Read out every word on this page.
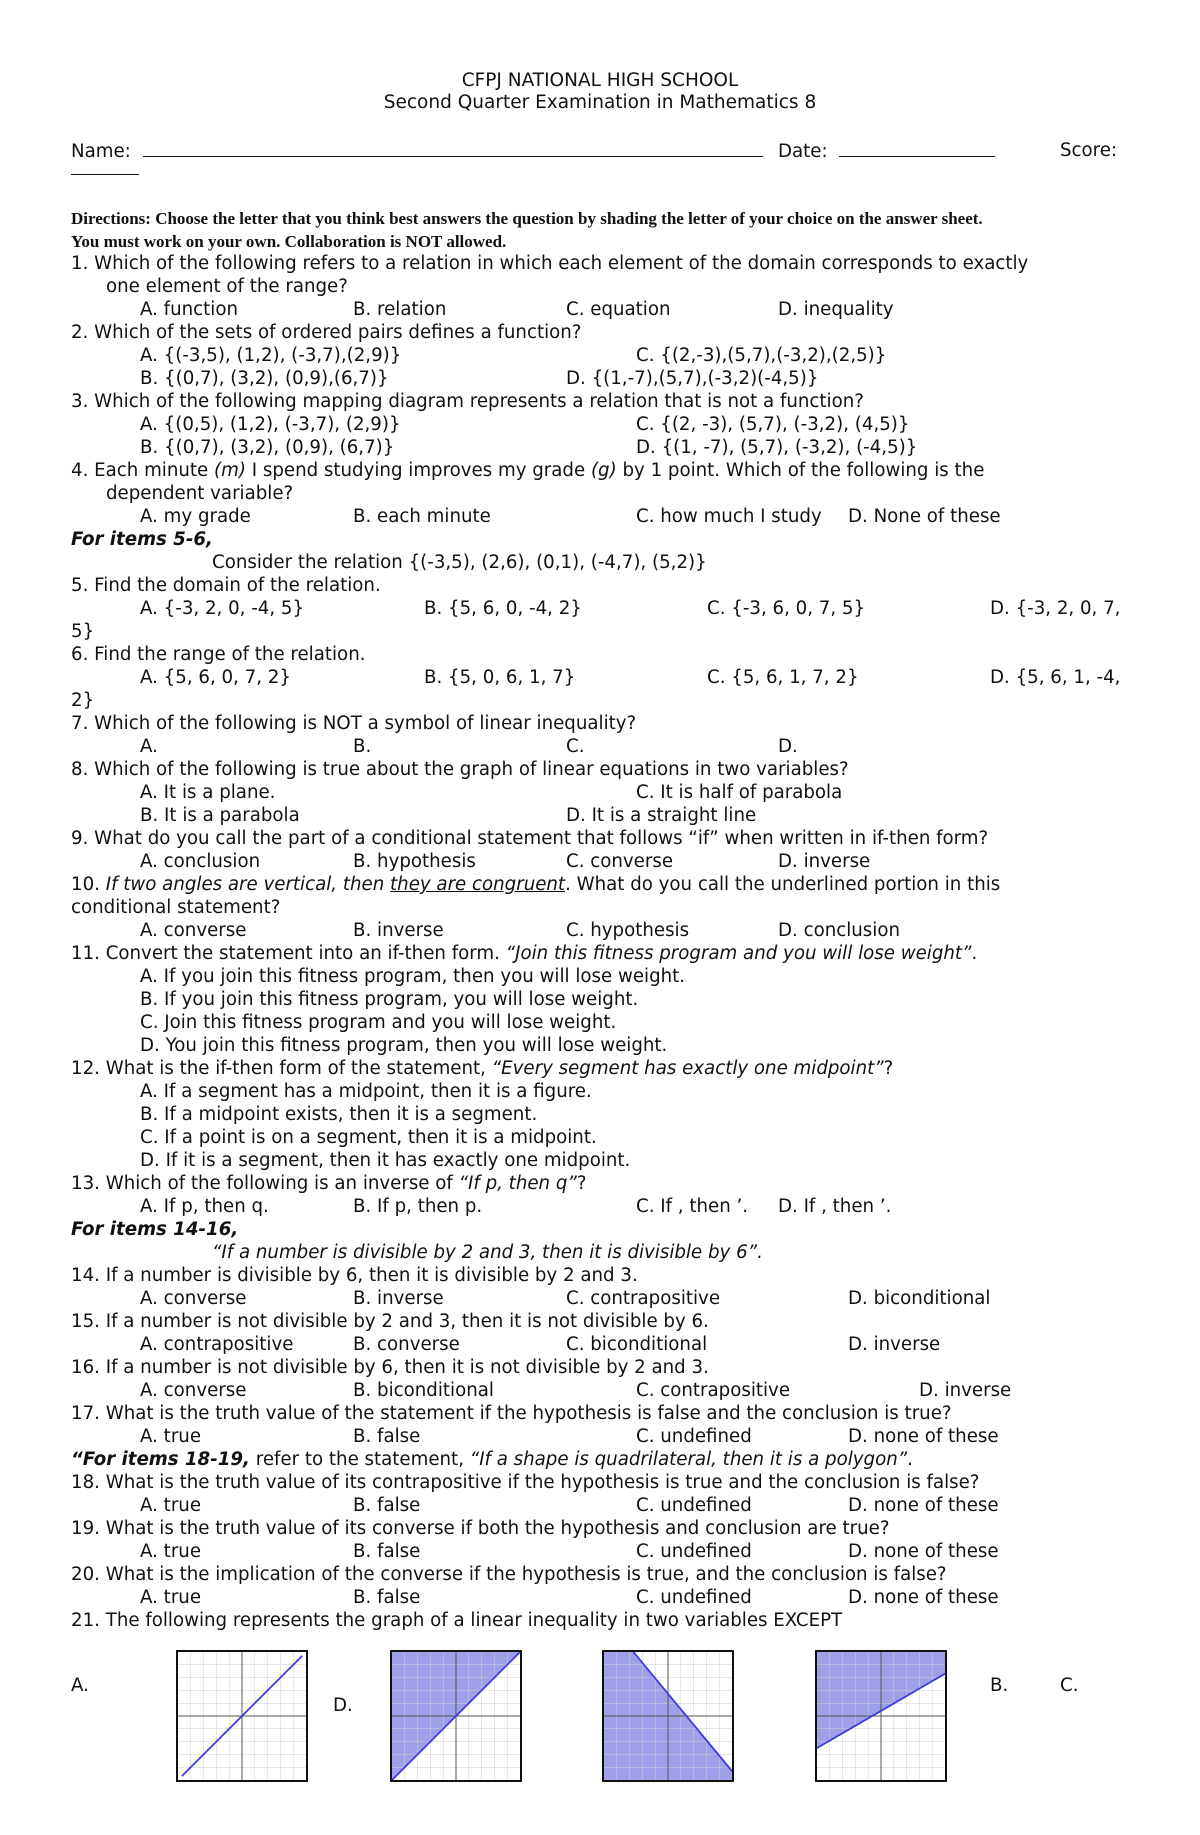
CFPJ NATIONAL HIGH SCHOOL
Second Quarter Examination in Mathematics 8
Name:	Date:	Score:
Directions: Choose the letter that you think best answers the question by shading the letter of your choice on the answer sheet.
You must work on your own. Collaboration is NOT allowed.
1. Which of the following refers to a relation in which each element of the domain corresponds to exactly
one element of the range?
A. function	B. relation	C. equation	D. inequality
2. Which of the sets of ordered pairs defines a function?
A. {(-3,5), (1,2), (-3,7),(2,9)}	C. {(2,-3),(5,7),(-3,2),(2,5)}
B. {(0,7), (3,2), (0,9),(6,7)}	D. {(1,-7),(5,7),(-3,2)(-4,5)}
3. Which of the following mapping diagram represents a relation that is not a function?
A. {(0,5), (1,2), (-3,7), (2,9)}	C. {(2, -3), (5,7), (-3,2), (4,5)}
B. {(0,7), (3,2), (0,9), (6,7)}	D. {(1, -7), (5,7), (-3,2), (-4,5)}
4. Each minute (m) I spend studying improves my grade (g) by 1 point. Which of the following is the
dependent variable?
A. my grade	B. each minute	C. how much I study D. None of these
For items 5-6,
Consider the relation {(-3,5), (2,6), (0,1), (-4,7), (5,2)}
5. Find the domain of the relation.
A. {-3, 2, 0, -4, 5}	B. {5, 6, 0, -4, 2}	C. {-3, 6, 0, 7, 5}	D. {-3, 2, 0, 7,
5}
6. Find the range of the relation.
A. {5, 6, 0, 7, 2}	B. {5, 0, 6, 1, 7}	C. {5, 6, 1, 7, 2}	D. {5, 6, 1, -4,
2}
7. Which of the following is NOT a symbol of linear inequality?
A.	B.	C.	D.
8. Which of the following is true about the graph of linear equations in two variables?
A. It is a plane.	C. It is half of parabola
B. It is a parabola	D. It is a straight line
9. What do you call the part of a conditional statement that follows “if” when written in if-then form?
A. conclusion	B. hypothesis	C. converse	D. inverse
10. If two angles are vertical, then they are congruent. What do you call the underlined portion in this
conditional statement?
A. converse	B. inverse	C. hypothesis	D. conclusion
11. Convert the statement into an if-then form. “Join this fitness program and you will lose weight”.
A. If you join this fitness program, then you will lose weight.
B. If you join this fitness program, you will lose weight.
C. Join this fitness program and you will lose weight.
D. You join this fitness program, then you will lose weight.
12. What is the if-then form of the statement, “Every segment has exactly one midpoint”?
A. If a segment has a midpoint, then it is a figure.
B. If a midpoint exists, then it is a segment.
C. If a point is on a segment, then it is a midpoint.
D. If it is a segment, then it has exactly one midpoint.
13. Which of the following is an inverse of “If p, then q”?
A. If p, then q.	B. If p, then p.	C. If , then ’. D. If , then ’.
For items 14-16,
“If a number is divisible by 2 and 3, then it is divisible by 6”.
14. If a number is divisible by 6, then it is divisible by 2 and 3.
A. converse	B. inverse	C. contrapositive	D. biconditional
15. If a number is not divisible by 2 and 3, then it is not divisible by 6.
A. contrapositive	B. converse	C. biconditional	D. inverse
16. If a number is not divisible by 6, then it is not divisible by 2 and 3.
A. converse	B. biconditional	C. contrapositive	D. inverse
17. What is the truth value of the statement if the hypothesis is false and the conclusion is true?
A. true	B. false	C. undefined	D. none of these
“For items 18-19, refer to the statement, “If a shape is quadrilateral, then it is a polygon”.
18. What is the truth value of its contrapositive if the hypothesis is true and the conclusion is false?
A. true	B. false	C. undefined	D. none of these
19. What is the truth value of its converse if both the hypothesis and conclusion are true?
A. true	B. false	C. undefined	D. none of these
20. What is the implication of the converse if the hypothesis is true, and the conclusion is false?
A. true	B. false	C. undefined	D. none of these
21. The following represents the graph of a linear inequality in two variables EXCEPT
A.
D.
B.	C.
